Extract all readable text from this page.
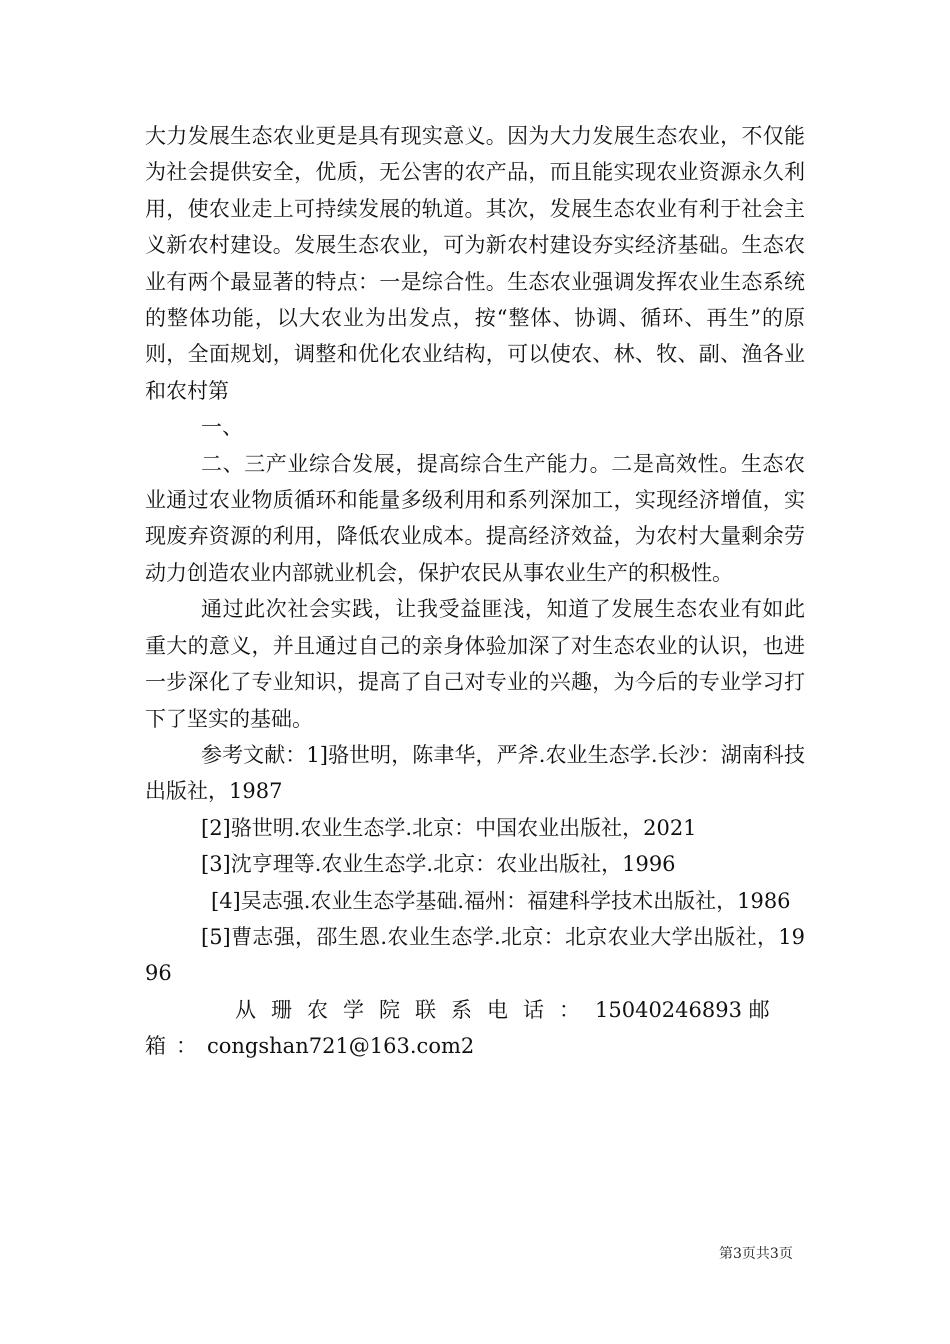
大力发展生态农业更是具有现实意义。因为大力发展生态农业，不仅能为社会提供安全，优质，无公害的农产品，而且能实现农业资源永久利用，使农业走上可持续发展的轨道。其次，发展生态农业有利于社会主义新农村建设。发展生态农业，可为新农村建设夯实经济基础。生态农业有两个最显著的特点：一是综合性。生态农业强调发挥农业生态系统的整体功能，以大农业为出发点，按“整体、协调、循环、再生”的原则，全面规划，调整和优化农业结构，可以使农、林、牧、副、渔各业和农村第

一、

二、三产业综合发展，提高综合生产能力。二是高效性。生态农业通过农业物质循环和能量多级利用和系列深加工，实现经济增值，实现废弃资源的利用，降低农业成本。提高经济效益，为农村大量剩余劳动力创造农业内部就业机会，保护农民从事农业生产的积极性。

通过此次社会实践，让我受益匪浅，知道了发展生态农业有如此重大的意义，并且通过自己的亲身体验加深了对生态农业的认识，也进一步深化了专业知识，提高了自己对专业的兴趣，为今后的专业学习打下了坚实的基础。

参考文献：1]骆世明，陈聿华，严斧.农业生态学.长沙：湖南科技出版社，1987

[2]骆世明.农业生态学.北京：中国农业出版社，2021

[3]沈亨理等.农业生态学.北京：农业出版社，1996

[4]吴志强.农业生态学基础.福州：福建科学技术出版社，1986

[5]曹志强，邵生恩.农业生态学.北京：北京农业大学出版社，1996

从珊农学院联系电话：15040246893 邮箱：congshan721@163.com2

第3页共3页
